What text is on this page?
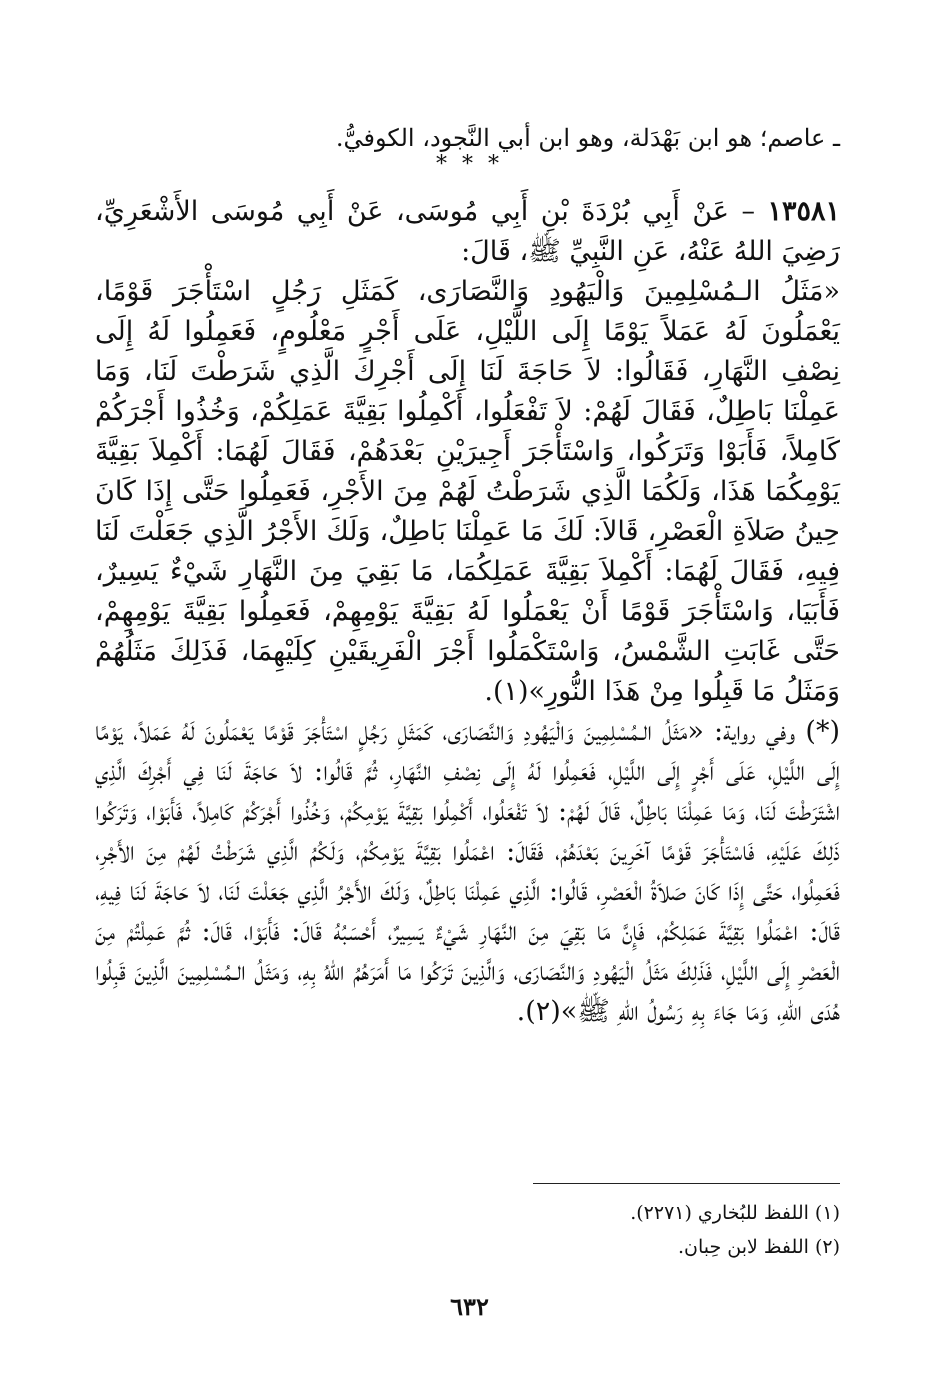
ـ عاصم؛ هو ابن بَهْدَلة، وهو ابن أبي النَّجود، الكوفيُّ.
* * *

١٣٥٨١ – عَنْ أَبِي بُرْدَةَ بْنِ أَبِي مُوسَى، عَنْ أَبِي مُوسَى الأَشْعَرِيِّ، رَضِيَ اللهُ عَنْهُ، عَنِ النَّبِيِّ ﷺ، قَالَ:

«مَثَلُ الـمُسْلِمِينَ وَالْيَهُودِ وَالنَّصَارَى، كَمَثَلِ رَجُلٍ اسْتَأْجَرَ قَوْمًا، يَعْمَلُونَ لَهُ عَمَلاً يَوْمًا إِلَى اللَّيْلِ، عَلَى أَجْرٍ مَعْلُومٍ، فَعَمِلُوا لَهُ إِلَى نِصْفِ النَّهَارِ، فَقَالُوا: لاَ حَاجَةَ لَنَا إِلَى أَجْرِكَ الَّذِي شَرَطْتَ لَنَا، وَمَا عَمِلْنَا بَاطِلٌ، فَقَالَ لَهُمْ: لاَ تَفْعَلُوا، أَكْمِلُوا بَقِيَّةَ عَمَلِكُمْ، وَخُذُوا أَجْرَكُمْ كَامِلاً، فَأَبَوْا وَتَرَكُوا، وَاسْتَأْجَرَ أَجِيرَيْنِ بَعْدَهُمْ، فَقَالَ لَهُمَا: أَكْمِلاَ بَقِيَّةَ يَوْمِكُمَا هَذَا، وَلَكُمَا الَّذِي شَرَطْتُ لَهُمْ مِنَ الأَجْرِ، فَعَمِلُوا حَتَّى إِذَا كَانَ حِينُ صَلاَةِ الْعَصْرِ، قَالاَ: لَكَ مَا عَمِلْنَا بَاطِلٌ، وَلَكَ الأَجْرُ الَّذِي جَعَلْتَ لَنَا فِيهِ، فَقَالَ لَهُمَا: أَكْمِلاَ بَقِيَّةَ عَمَلِكُمَا، مَا بَقِيَ مِنَ النَّهَارِ شَيْءٌ يَسِيرٌ، فَأَبَيَا، وَاسْتَأْجَرَ قَوْمًا أَنْ يَعْمَلُوا لَهُ بَقِيَّةَ يَوْمِهِمْ، فَعَمِلُوا بَقِيَّةَ يَوْمِهِمْ، حَتَّى غَابَتِ الشَّمْسُ، وَاسْتَكْمَلُوا أَجْرَ الْفَرِيقَيْنِ كِلَيْهِمَا، فَذَلِكَ مَثَلُهُمْ وَمَثَلُ مَا قَبِلُوا مِنْ هَذَا النُّورِ»(١).

(*) وفي رواية: «مَثَلُ الـمُسْلِمِينَ وَالْيَهُودِ وَالنَّصَارَى، كَمَثَلِ رَجُلٍ اسْتَأْجَرَ قَوْمًا يَعْمَلُونَ لَهُ عَمَلاً، يَوْمًا إِلَى اللَّيْلِ، عَلَى أَجْرٍ إِلَى اللَّيْلِ، فَعَمِلُوا لَهُ إِلَى نِصْفِ النَّهَارِ، ثُمَّ قَالُوا: لاَ حَاجَةَ لَنَا فِي أَجْرِكَ الَّذِي اشْتَرَطْتَ لَنَا، وَمَا عَمِلْنَا بَاطِلٌ، قَالَ لَهُمْ: لاَ تَفْعَلُوا، أَكْمِلُوا بَقِيَّةَ يَوْمِكُمْ، وَخُذُوا أَجْرَكُمْ كَامِلاً، فَأَبَوْا، وَتَرَكُوا ذَلِكَ عَلَيْهِ، فَاسْتَأْجَرَ قَوْمًا آخَرِينَ بَعْدَهُمْ، فَقَالَ: اعْمَلُوا بَقِيَّةَ يَوْمِكُمْ، وَلَكُمُ الَّذِي شَرَطْتُ لَهُمْ مِنَ الأَجْرِ، فَعَمِلُوا، حَتَّى إِذَا كَانَ صَلاَةُ الْعَصْرِ، قَالُوا: الَّذِي عَمِلْنَا بَاطِلٌ، وَلَكَ الأَجْرُ الَّذِي جَعَلْتَ لَنَا، لاَ حَاجَةَ لَنَا فِيهِ، قَالَ: اعْمَلُوا بَقِيَّةَ عَمَلِكُمْ، فَإِنَّ مَا بَقِيَ مِنَ النَّهَارِ شَيْءٌ يَسِيرٌ، أَحْسَبُهُ قَالَ: فَأَبَوْا، قَالَ: ثُمَّ عَمِلْتُمْ مِنَ الْعَصْرِ إِلَى اللَّيْلِ، فَذَلِكَ مَثَلُ الْيَهُودِ وَالنَّصَارَى، وَالَّذِينَ تَرَكُوا مَا أَمَرَهُمُ اللهُ بِهِ، وَمَثَلُ الـمُسْلِمِينَ الَّذِينَ قَبِلُوا هُدَى اللهِ، وَمَا جَاءَ بِهِ رَسُولُ اللهِ ﷺ»(٢).

(١) اللفظ للبُخاري (٢٢٧١).
(٢) اللفظ لابن حِبان.
٦٣٢
